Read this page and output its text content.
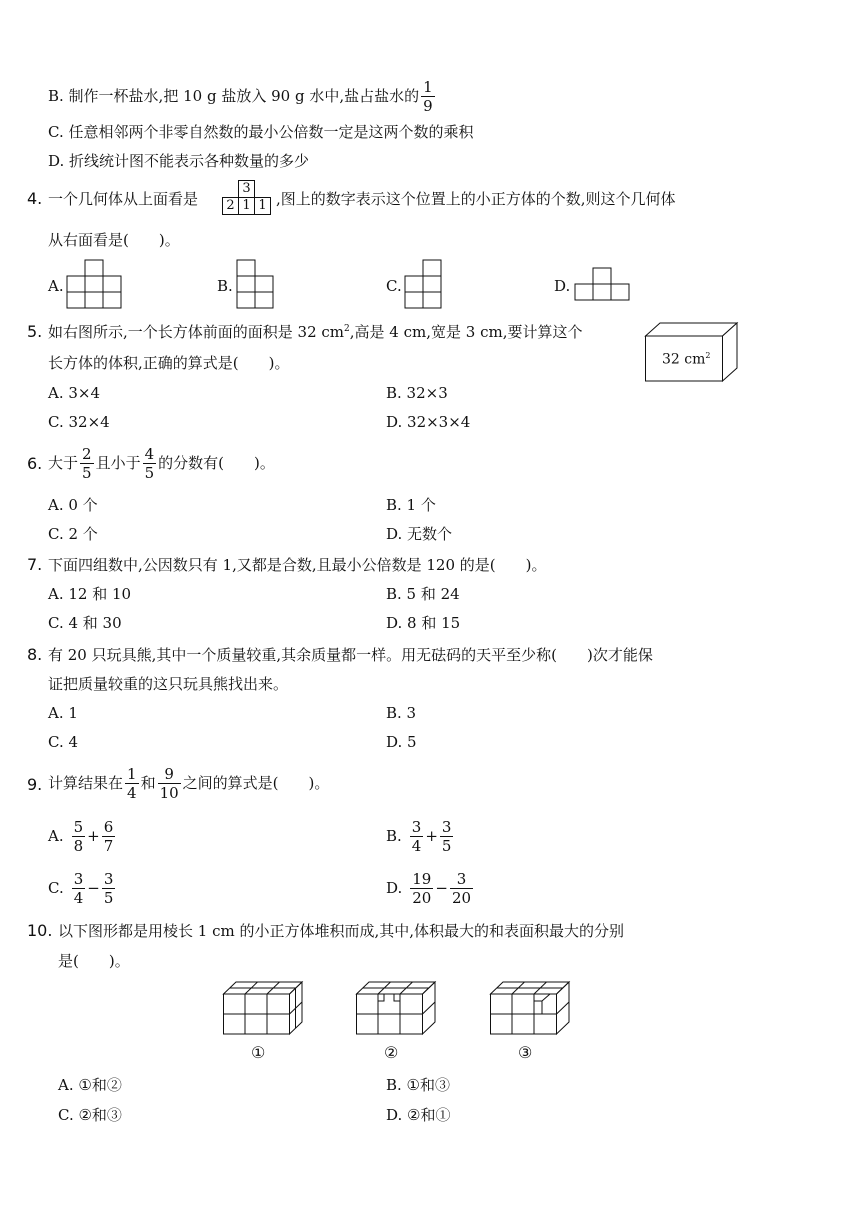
B. 制作一杯盐水,把 10 g 盐放入 90 g 水中,盐占盐水的 $\frac{1}{9}$
C. 任意相邻两个非零自然数的最小公倍数一定是这两个数的乘积
D. 折线统计图不能表示各种数量的多少
4. 一个几何体从上面看是
	3	
2	1	1 ,图上的数字表示这个位置上的小正方体的个数,则这个几何体
从右面看是(　　)。
A.	B.	C.	D.
5. 如右图所示,一个长方体前面的面积是 32 $cm^2$,高是 4 cm,宽是 3 cm,要计算这个
长方体的体积,正确的算式是(　　)。	32 $cm^2$
A. 3×4	B. 32×3
C. 32×4	D. 32×3×4
6. 大于 $\frac{2}{5}$ 且小于 $\frac{4}{5}$ 的分数有(　　)。
A. 0 个	B. 1 个
C. 2 个	D. 无数个
7. 下面四组数中,公因数只有 1,又都是合数,且最小公倍数是 120 的是(　　)。
A. 12 和 10	B. 5 和 24
C. 4 和 30	D. 8 和 15
8. 有 20 只玩具熊,其中一个质量较重,其余质量都一样。用无砝码的天平至少称(　　)次才能保
证把质量较重的这只玩具熊找出来。
A. 1	B. 3
C. 4	D. 5
9. 计算结果在 $\frac{1}{4}$ 和 $\frac{9}{10}$ 之间的算式是(　　)。
A. $\frac{5}{8} + \frac{6}{7}$	B. $\frac{3}{4} + \frac{3}{5}$
C. $\frac{3}{4} - \frac{3}{5}$	D. $\frac{19}{20} - \frac{3}{20}$
10. 以下图形都是用棱长 1 cm 的小正方体堆积而成,其中,体积最大的和表面积最大的分别
是(　　)。
①	②	③
A. ①和②	B. ①和③
C. ②和③	D. ②和①
